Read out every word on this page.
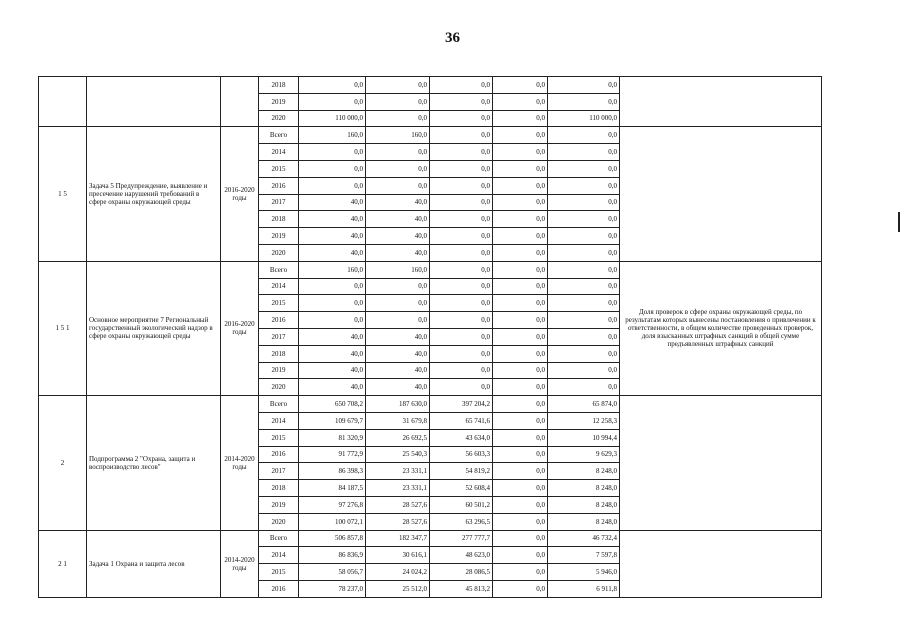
36
			2018	0,0	0,0	0,0	0,0	0,0	
			2019	0,0	0,0	0,0	0,0	0,0	
			2020	110 000,0	0,0	0,0	0,0	110 000,0	
1 5	Задача 5 Предупреждение, выявление и пресечение нарушений требований в сфере охраны окружающей среды	2016-2020 годы	Всего	160,0	160,0	0,0	0,0	0,0	
			2014	0,0	0,0	0,0	0,0	0,0	
			2015	0,0	0,0	0,0	0,0	0,0	
			2016	0,0	0,0	0,0	0,0	0,0	
			2017	40,0	40,0	0,0	0,0	0,0	
			2018	40,0	40,0	0,0	0,0	0,0	
			2019	40,0	40,0	0,0	0,0	0,0	
			2020	40,0	40,0	0,0	0,0	0,0	
1 5 1	Основное мероприятие 7 Региональный государственный экологический надзор в сфере охраны окружающей среды	2016-2020 годы	Всего	160,0	160,0	0,0	0,0	0,0	Доля проверок в сфере охраны окружающей среды, по результатам которых вынесены постановления о привлечении к ответственности, в общем количестве проведенных проверок, доля взысканных штрафных санкций в общей сумме предъявленных штрафных санкций
			2014	0,0	0,0	0,0	0,0	0,0	
			2015	0,0	0,0	0,0	0,0	0,0	
			2016	0,0	0,0	0,0	0,0	0,0	
			2017	40,0	40,0	0,0	0,0	0,0	
			2018	40,0	40,0	0,0	0,0	0,0	
			2019	40,0	40,0	0,0	0,0	0,0	
			2020	40,0	40,0	0,0	0,0	0,0	
2	Подпрограмма 2 "Охрана, защита и воспроизводство лесов"	2014-2020 годы	Всего	650 708,2	187 630,0	397 204,2	0,0	65 874,0	
			2014	109 679,7	31 679,8	65 741,6	0,0	12 258,3	
			2015	81 320,9	26 692,5	43 634,0	0,0	10 994,4	
			2016	91 772,9	25 540,3	56 603,3	0,0	9 629,3	
			2017	86 398,3	23 331,1	54 819,2	0,0	8 248,0	
			2018	84 187,5	23 331,1	52 608,4	0,0	8 248,0	
			2019	97 276,8	28 527,6	60 501,2	0,0	8 248,0	
			2020	100 072,1	28 527,6	63 296,5	0,0	8 248,0	
2 1	Задача 1 Охрана и защита лесов	2014-2020 годы	Всего	506 857,8	182 347,7	277 777,7	0,0	46 732,4	
			2014	86 836,9	30 616,1	48 623,0	0,0	7 597,8	
			2015	58 056,7	24 024,2	28 086,5	0,0	5 946,0	
			2016	78 237,0	25 512,0	45 813,2	0,0	6 911,8	
